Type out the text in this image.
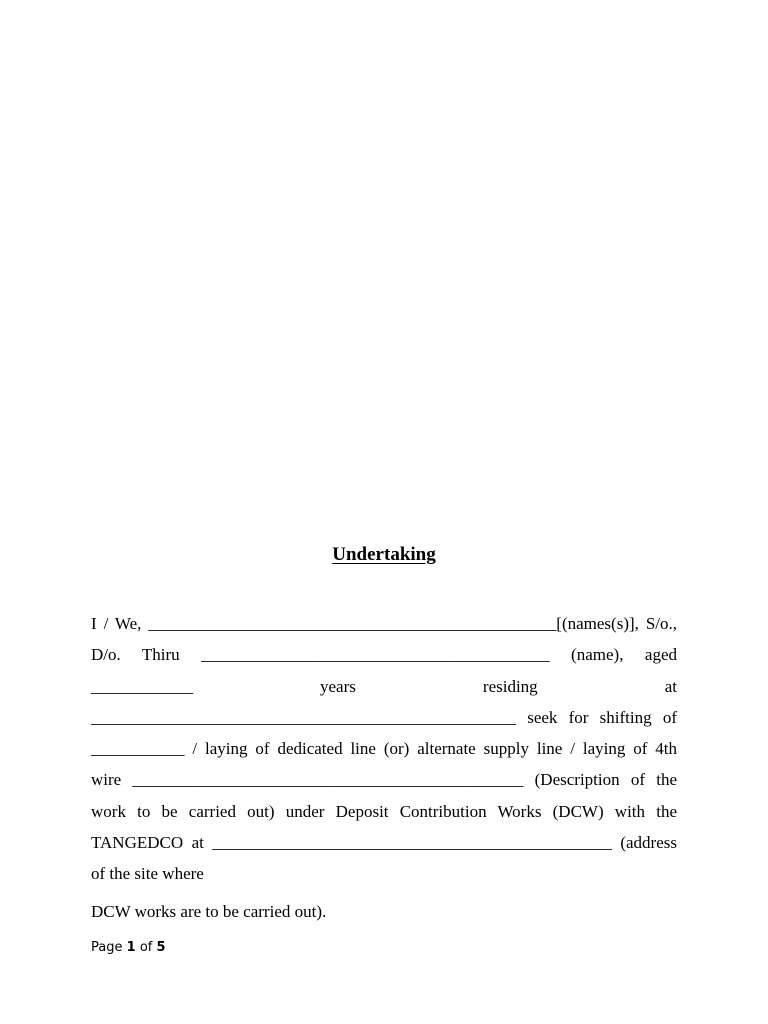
Undertaking
I / We, ________________________________________________[(names(s)], S/o.,
D/o. Thiru _________________________________________ (name), aged
____________	years	residing	at
__________________________________________________ seek for shifting of
___________ / laying of dedicated line (or) alternate supply line / laying of 4th
wire ______________________________________________ (Description of the
work to be carried out) under Deposit Contribution Works (DCW) with the
TANGEDCO at _______________________________________________ (address
of the site where
DCW works are to be carried out).
Page 1 of 5
